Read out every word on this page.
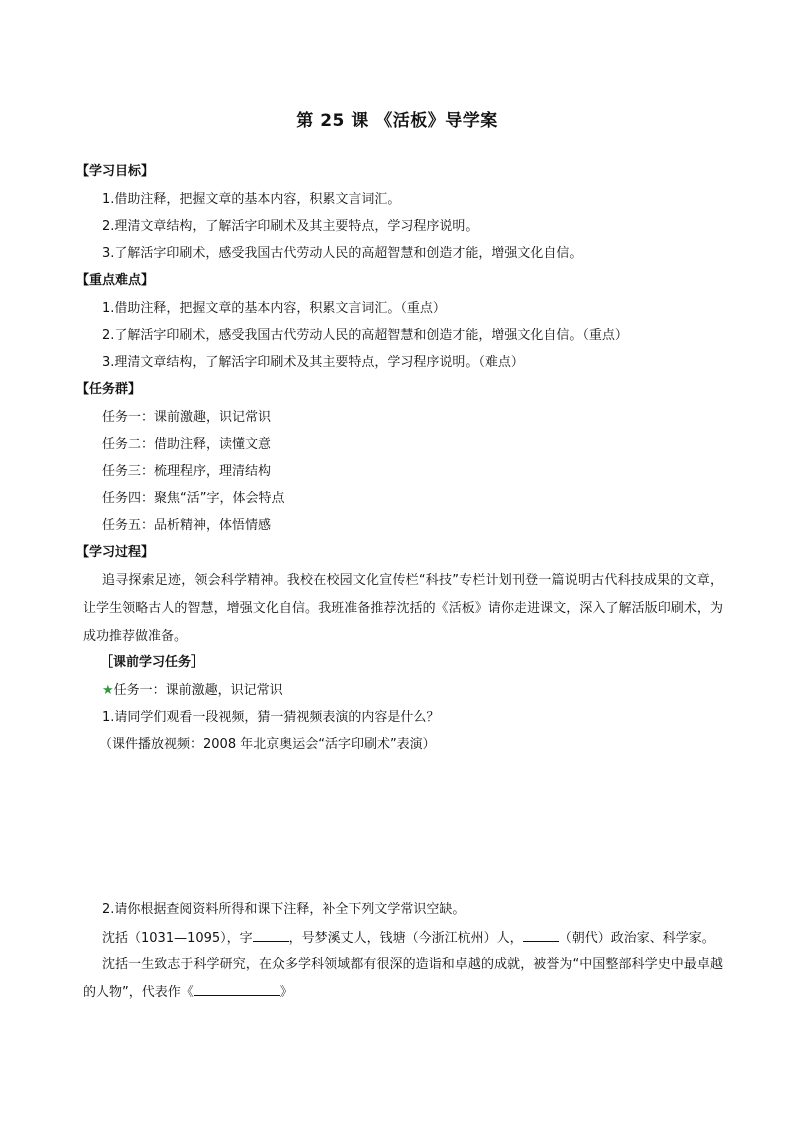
第 25 课 《活板》导学案
【学习目标】
1.借助注释，把握文章的基本内容，积累文言词汇。
2.理清文章结构，了解活字印刷术及其主要特点，学习程序说明。
3.了解活字印刷术，感受我国古代劳动人民的高超智慧和创造才能，增强文化自信。
【重点难点】
1.借助注释，把握文章的基本内容，积累文言词汇。（重点）
2.了解活字印刷术，感受我国古代劳动人民的高超智慧和创造才能，增强文化自信。（重点）
3.理清文章结构，了解活字印刷术及其主要特点，学习程序说明。（难点）
【任务群】
任务一：课前激趣，识记常识
任务二：借助注释，读懂文意
任务三：梳理程序，理清结构
任务四：聚焦“活”字，体会特点
任务五：品析精神，体悟情感
【学习过程】
追寻探索足迹，领会科学精神。我校在校园文化宣传栏“科技”专栏计划刊登一篇说明古代科技成果的文章，让学生领略古人的智慧，增强文化自信。我班准备推荐沈括的《活板》请你走进课文，深入了解活版印刷术，为成功推荐做准备。
［课前学习任务］
★任务一：课前激趣，识记常识
1.请同学们观看一段视频，猜一猜视频表演的内容是什么？
（课件播放视频：2008 年北京奥运会“活字印刷术”表演）
2.请你根据查阅资料所得和课下注释，补全下列文学常识空缺。
沈括（1031—1095），字	，号梦溪丈人，钱塘（今浙江杭州）人，	（朝代）政治家、科学家。
沈括一生致志于科学研究，在众多学科领域都有很深的造诣和卓越的成就，被誉为“中国整部科学史中最卓越的人物”，代表作《	》
